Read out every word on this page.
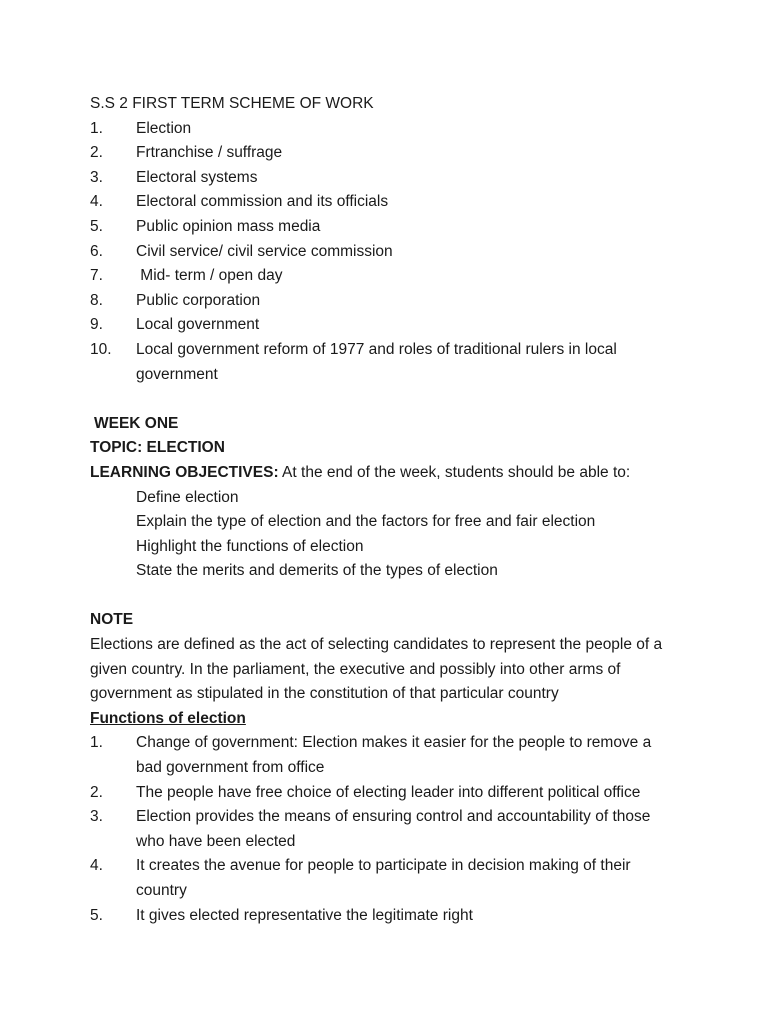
S.S 2 FIRST TERM SCHEME OF WORK
1.	Election
2.	Frtranchise / suffrage
3.	Electoral systems
4.	Electoral commission and its officials
5.	Public opinion mass media
6.	Civil service/ civil service commission
7.	Mid- term / open day
8.	Public corporation
9.	Local government
10.	Local government reform of 1977 and roles of traditional rulers in local government
WEEK ONE
TOPIC: ELECTION
LEARNING OBJECTIVES: At the end of the week, students should be able to:
Define election
Explain the type of election and the factors for free and fair election
Highlight the functions of election
State the merits and demerits of the types of election
NOTE
Elections are defined as the act of selecting candidates to represent the people of a given country. In the parliament, the executive and possibly into other arms of government as stipulated in the constitution of that particular country
Functions of election
1.	Change of government: Election makes it easier for the people to remove a bad government from office
2.	The people have free choice of electing leader into different political office
3.	Election provides the means of ensuring control and accountability of those who have been elected
4.	It creates the avenue for people to participate in decision making of their country
5.	It gives elected representative the legitimate right
